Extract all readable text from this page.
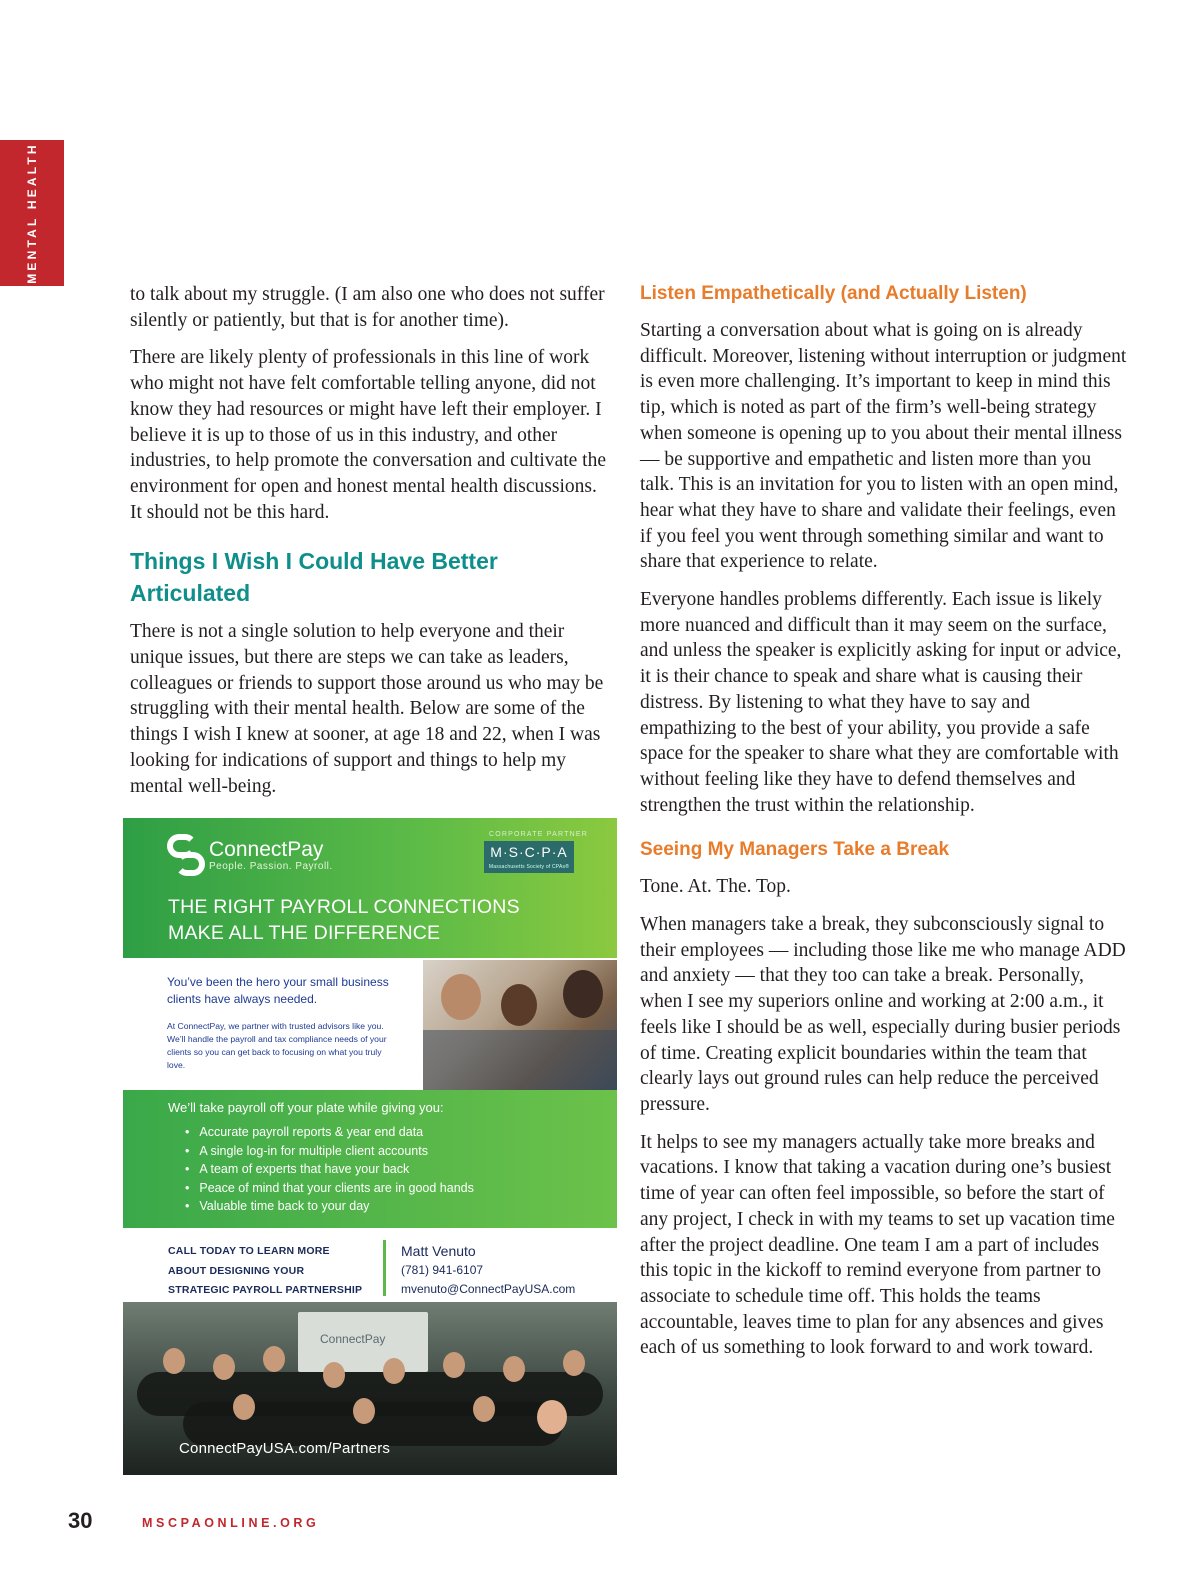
MENTAL HEALTH

to talk about my struggle. (I am also one who does not suffer silently or patiently, but that is for another time).

There are likely plenty of professionals in this line of work who might not have felt comfortable telling anyone, did not know they had resources or might have left their employer. I believe it is up to those of us in this industry, and other industries, to help promote the conversation and cultivate the environment for open and honest mental health discussions. It should not be this hard.

Things I Wish I Could Have Better Articulated

There is not a single solution to help everyone and their unique issues, but there are steps we can take as leaders, colleagues or friends to support those around us who may be struggling with their mental health. Below are some of the things I wish I knew at sooner, at age 18 and 22, when I was looking for indications of support and things to help my mental well-being.

ConnectPay
People. Passion. Payroll.
CORPORATE PARTNER
M·S·C·P·A
Massachusetts Society of CPAs®
THE RIGHT PAYROLL CONNECTIONS
MAKE ALL THE DIFFERENCE
You’ve been the hero your small business clients have always needed.
At ConnectPay, we partner with trusted advisors like you. We’ll handle the payroll and tax compliance needs of your clients so you can get back to focusing on what you truly love.
We’ll take payroll off your plate while giving you:
• Accurate payroll reports & year end data
• A single log-in for multiple client accounts
• A team of experts that have your back
• Peace of mind that your clients are in good hands
• Valuable time back to your day
CALL TODAY TO LEARN MORE
ABOUT DESIGNING YOUR
STRATEGIC PAYROLL PARTNERSHIP
Matt Venuto
(781) 941-6107
mvenuto@ConnectPayUSA.com
ConnectPay
ConnectPayUSA.com/Partners
Listen Empathetically (and Actually Listen)

Starting a conversation about what is going on is already difficult. Moreover, listening without interruption or judgment is even more challenging. It’s important to keep in mind this tip, which is noted as part of the firm’s well-being strategy when someone is opening up to you about their mental illness — be supportive and empathetic and listen more than you talk. This is an invitation for you to listen with an open mind, hear what they have to share and validate their feelings, even if you feel you went through something similar and want to share that experience to relate.

Everyone handles problems differently. Each issue is likely more nuanced and difficult than it may seem on the surface, and unless the speaker is explicitly asking for input or advice, it is their chance to speak and share what is causing their distress. By listening to what they have to say and empathizing to the best of your ability, you provide a safe space for the speaker to share what they are comfortable with without feeling like they have to defend themselves and strengthen the trust within the relationship.

Seeing My Managers Take a Break

Tone. At. The. Top.

When managers take a break, they subconsciously signal to their employees — including those like me who manage ADD and anxiety — that they too can take a break. Personally, when I see my superiors online and working at 2:00 a.m., it feels like I should be as well, especially during busier periods of time. Creating explicit boundaries within the team that clearly lays out ground rules can help reduce the perceived pressure.

It helps to see my managers actually take more breaks and vacations. I know that taking a vacation during one’s busiest time of year can often feel impossible, so before the start of any project, I check in with my teams to set up vacation time after the project deadline. One team I am a part of includes this topic in the kickoff to remind everyone from partner to associate to schedule time off. This holds the teams accountable, leaves time to plan for any absences and gives each of us something to look forward to and work toward.

30	MSCPAONLINE.ORG
